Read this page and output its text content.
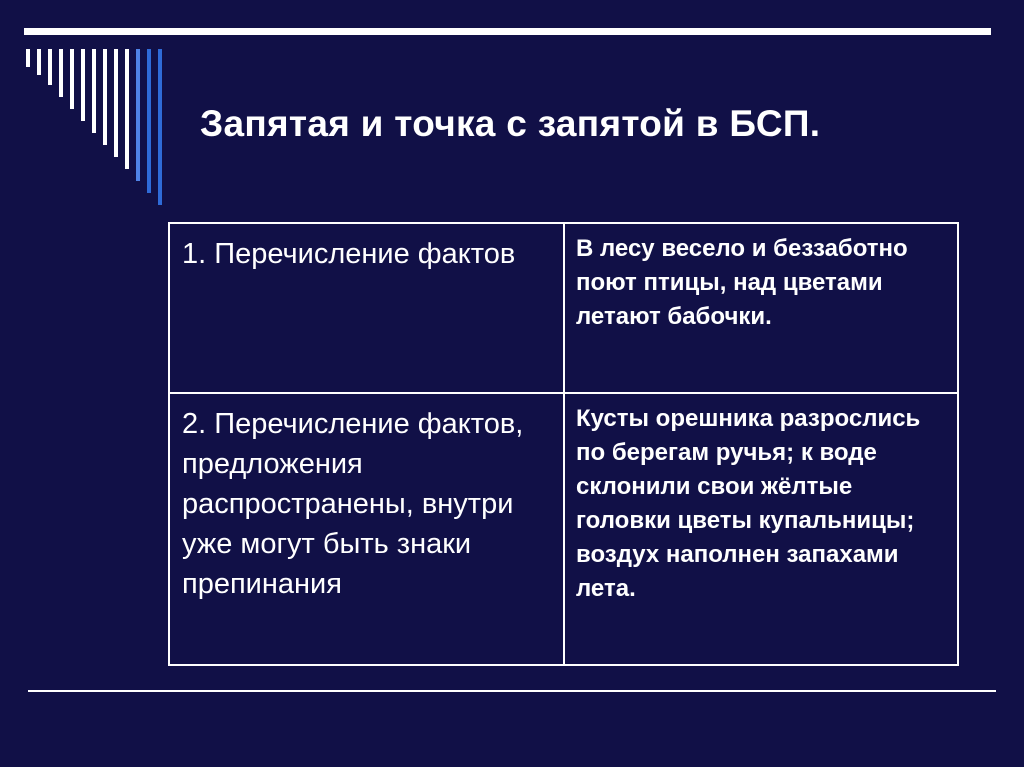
Запятая и точка с запятой в БСП.
1. Перечисление фактов	В лесу весело и беззаботно поют птицы, над цветами летают бабочки.

2. Перечисление фактов, предложения распространены, внутри уже могут быть знаки препинания	Кусты орешника разрослись по берегам ручья; к воде склонили свои жёлтые головки цветы купальницы; воздух наполнен запахами лета.
